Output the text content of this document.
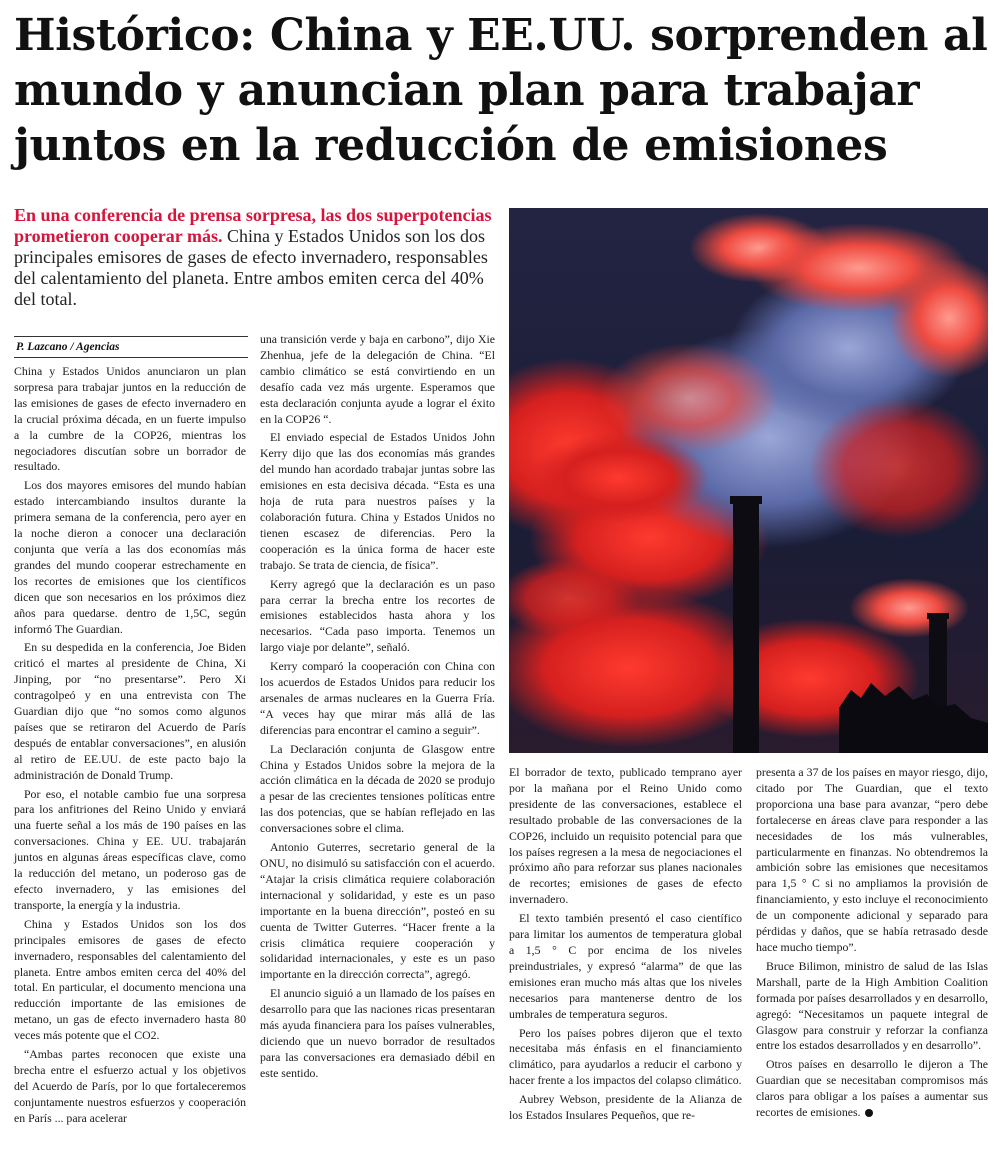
Histórico: China y EE.UU. sorprenden al mundo y anuncian plan para trabajar juntos en la reducción de emisiones
En una conferencia de prensa sorpresa, las dos superpotencias prometieron cooperar más. China y Estados Unidos son los dos principales emisores de gases de efecto invernadero, responsables del calentamiento del planeta. Entre ambos emiten cerca del 40% del total.
P. Lazcano / Agencias

China y Estados Unidos anunciaron un plan sorpresa para trabajar juntos en la reducción de las emisiones de gases de efecto invernadero en la crucial próxima década, en un fuerte impulso a la cumbre de la COP26, mientras los negociadores discutían sobre un borrador de resultado.

Los dos mayores emisores del mundo habían estado intercambiando insultos durante la primera semana de la conferencia, pero ayer en la noche dieron a conocer una declaración conjunta que vería a las dos economías más grandes del mundo cooperar estrechamente en los recortes de emisiones que los científicos dicen que son necesarios en los próximos diez años para quedarse. dentro de 1,5C, según informó The Guardian.

En su despedida en la conferencia, Joe Biden criticó el martes al presidente de China, Xi Jinping, por “no presentarse”. Pero Xi contragolpeó y en una entrevista con The Guardian dijo que “no somos como algunos países que se retiraron del Acuerdo de París después de entablar conversaciones”, en alusión al retiro de EE.UU. de este pacto bajo la administración de Donald Trump.

Por eso, el notable cambio fue una sorpresa para los anfitriones del Reino Unido y enviará una fuerte señal a los más de 190 países en las conversaciones. China y EE. UU. trabajarán juntos en algunas áreas específicas clave, como la reducción del metano, un poderoso gas de efecto invernadero, y las emisiones del transporte, la energía y la industria.

China y Estados Unidos son los dos principales emisores de gases de efecto invernadero, responsables del calentamiento del planeta. Entre ambos emiten cerca del 40% del total. En particular, el documento menciona una reducción importante de las emisiones de metano, un gas de efecto invernadero hasta 80 veces más potente que el CO2.

“Ambas partes reconocen que existe una brecha entre el esfuerzo actual y los objetivos del Acuerdo de París, por lo que fortaleceremos conjuntamente nuestros esfuerzos y cooperación en París ... para acelerar

una transición verde y baja en carbono”, dijo Xie Zhenhua, jefe de la delegación de China. “El cambio climático se está convirtiendo en un desafío cada vez más urgente. Esperamos que esta declaración conjunta ayude a lograr el éxito en la COP26 “.

El enviado especial de Estados Unidos John Kerry dijo que las dos economías más grandes del mundo han acordado trabajar juntas sobre las emisiones en esta decisiva década. “Esta es una hoja de ruta para nuestros países y la colaboración futura. China y Estados Unidos no tienen escasez de diferencias. Pero la cooperación es la única forma de hacer este trabajo. Se trata de ciencia, de física”.

Kerry agregó que la declaración es un paso para cerrar la brecha entre los recortes de emisiones establecidos hasta ahora y los necesarios. “Cada paso importa. Tenemos un largo viaje por delante”, señaló.

Kerry comparó la cooperación con China con los acuerdos de Estados Unidos para reducir los arsenales de armas nucleares en la Guerra Fría. “A veces hay que mirar más allá de las diferencias para encontrar el camino a seguir”.

La Declaración conjunta de Glasgow entre China y Estados Unidos sobre la mejora de la acción climática en la década de 2020 se produjo a pesar de las crecientes tensiones políticas entre las dos potencias, que se habían reflejado en las conversaciones sobre el clima.

Antonio Guterres, secretario general de la ONU, no disimuló su satisfacción con el acuerdo. “Atajar la crisis climática requiere colaboración internacional y solidaridad, y este es un paso importante en la buena dirección”, posteó en su cuenta de Twitter Guterres. “Hacer frente a la crisis climática requiere cooperación y solidaridad internacionales, y este es un paso importante en la dirección correcta”, agregó.

El anuncio siguió a un llamado de los países en desarrollo para que las naciones ricas presentaran más ayuda financiera para los países vulnerables, diciendo que un nuevo borrador de resultados para las conversaciones era demasiado débil en este sentido.

El borrador de texto, publicado temprano ayer por la mañana por el Reino Unido como presidente de las conversaciones, establece el resultado probable de las conversaciones de la COP26, incluido un requisito potencial para que los países regresen a la mesa de negociaciones el próximo año para reforzar sus planes nacionales de recortes; emisiones de gases de efecto invernadero.

El texto también presentó el caso científico para limitar los aumentos de temperatura global a 1,5 ° C por encima de los niveles preindustriales, y expresó “alarma” de que las emisiones eran mucho más altas que los niveles necesarios para mantenerse dentro de los umbrales de temperatura seguros.

Pero los países pobres dijeron que el texto necesitaba más énfasis en el financiamiento climático, para ayudarlos a reducir el carbono y hacer frente a los impactos del colapso climático.

Aubrey Webson, presidente de la Alianza de los Estados Insulares Pequeños, que re-

presenta a 37 de los países en mayor riesgo, dijo, citado por The Guardian, que el texto proporciona una base para avanzar, “pero debe fortalecerse en áreas clave para responder a las necesidades de los más vulnerables, particularmente en finanzas. No obtendremos la ambición sobre las emisiones que necesitamos para 1,5 ° C si no ampliamos la provisión de financiamiento, y esto incluye el reconocimiento de un componente adicional y separado para pérdidas y daños, que se había retrasado desde hace mucho tiempo”.

Bruce Bilimon, ministro de salud de las Islas Marshall, parte de la High Ambition Coalition formada por países desarrollados y en desarrollo, agregó: “Necesitamos un paquete integral de Glasgow para construir y reforzar la confianza entre los estados desarrollados y en desarrollo”.

Otros países en desarrollo le dijeron a The Guardian que se necesitaban compromisos más claros para obligar a los países a aumentar sus recortes de emisiones.
